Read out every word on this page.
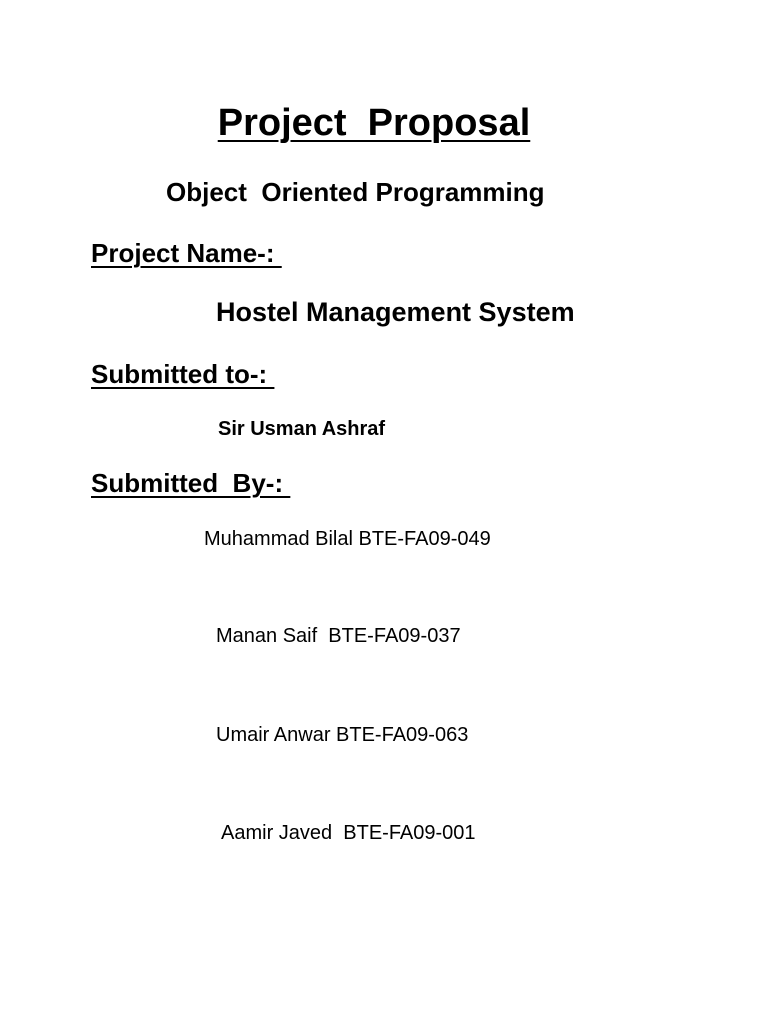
Project  Proposal
Object  Oriented Programming
Project Name-:
Hostel Management System
Submitted to-:
Sir Usman Ashraf
Submitted  By-:
Muhammad Bilal BTE-FA09-049
Manan Saif  BTE-FA09-037
Umair Anwar BTE-FA09-063
Aamir Javed  BTE-FA09-001
